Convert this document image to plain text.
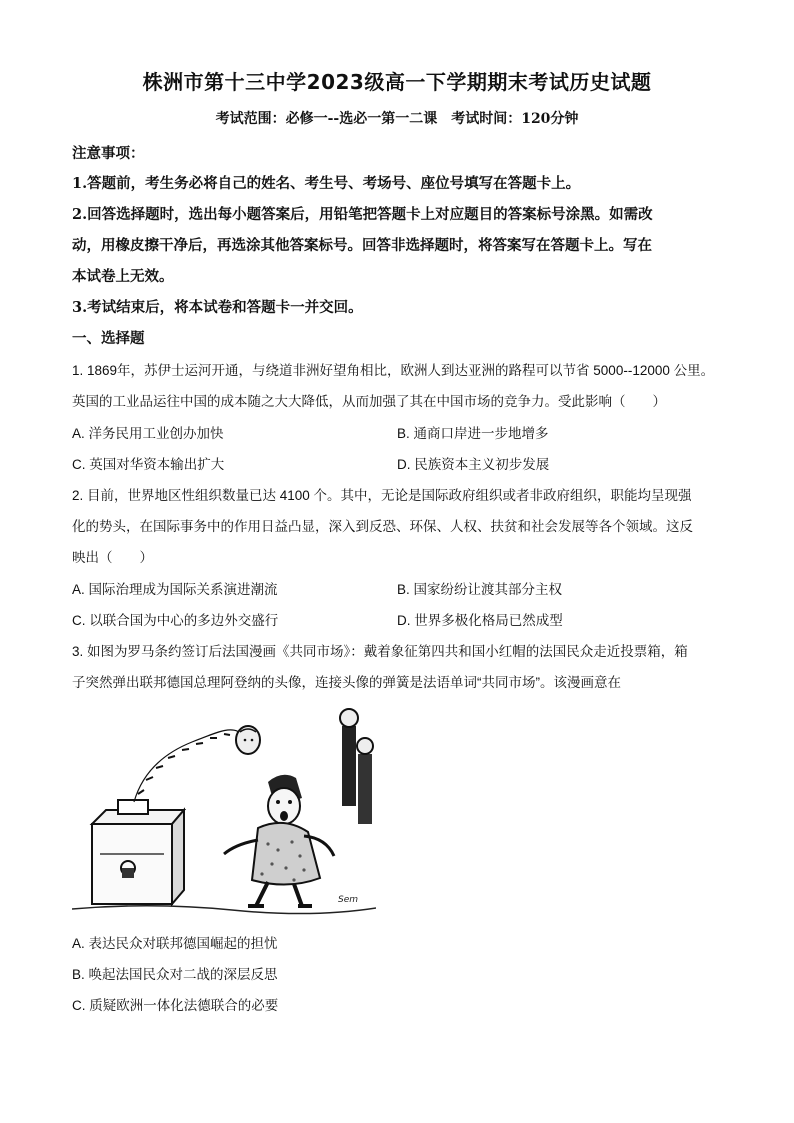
株洲市第十三中学2023级高一下学期期末考试历史试题
考试范围：必修一--选必一第一二课　考试时间：120分钟
注意事项：
1.答题前，考生务必将自己的姓名、考生号、考场号、座位号填写在答题卡上。
2.回答选择题时，选出每小题答案后，用铅笔把答题卡上对应题目的答案标号涂黑。如需改
动，用橡皮擦干净后，再选涂其他答案标号。回答非选择题时，将答案写在答题卡上。写在
本试卷上无效。
3.考试结束后，将本试卷和答题卡一并交回。
一、选择题
1. 1869年，苏伊士运河开通，与绕道非洲好望角相比，欧洲人到达亚洲的路程可以节省 5000--12000 公里。
英国的工业品运往中国的成本随之大大降低，从而加强了其在中国市场的竞争力。受此影响（　　）
A. 洋务民用工业创办加快	B. 通商口岸进一步地增多
C. 英国对华资本输出扩大	D. 民族资本主义初步发展
2. 目前，世界地区性组织数量已达 4100 个。其中，无论是国际政府组织或者非政府组织，职能均呈现强
化的势头，在国际事务中的作用日益凸显，深入到反恐、环保、人权、扶贫和社会发展等各个领域。这反
映出（　　）
A. 国际治理成为国际关系演进潮流	B. 国家纷纷让渡其部分主权
C. 以联合国为中心的多边外交盛行	D. 世界多极化格局已然成型
3. 如图为罗马条约签订后法国漫画《共同市场》：戴着象征第四共和国小红帽的法国民众走近投票箱，箱
子突然弹出联邦德国总理阿登纳的头像，连接头像的弹簧是法语单词“共同市场”。该漫画意在
Sem
A. 表达民众对联邦德国崛起的担忧
B. 唤起法国民众对二战的深层反思
C. 质疑欧洲一体化法德联合的必要
